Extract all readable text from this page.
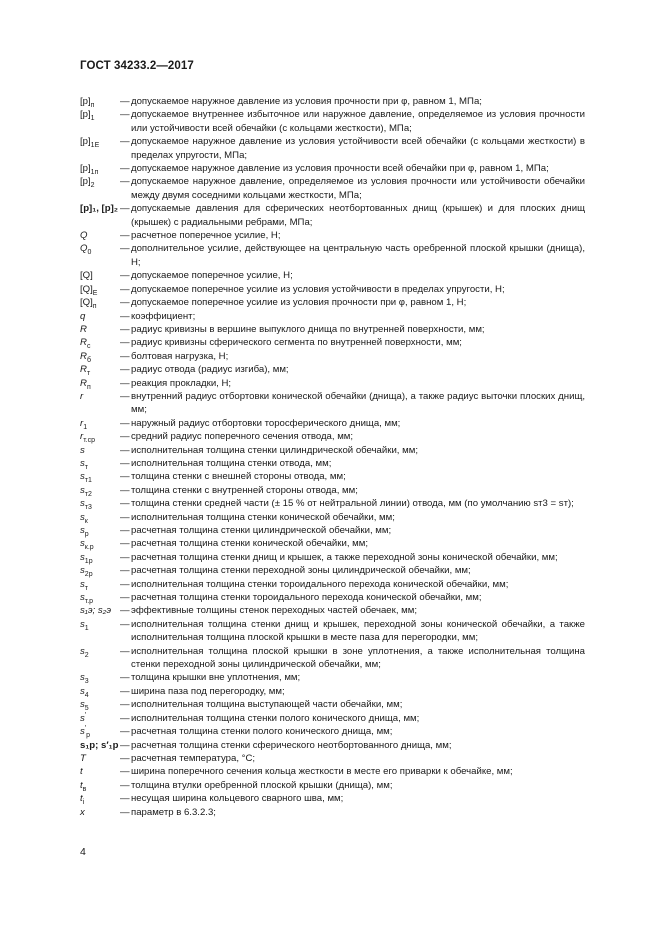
ГОСТ 34233.2—2017
$[p]_п$	— допускаемое наружное давление из условия прочности при φ, равном 1, МПа;
$[p]_1$	— допускаемое внутреннее избыточное или наружное давление, определяемое из условия прочности или устойчивости всей обечайки (с кольцами жесткости), МПа;
$[p]_{1E}$	— допускаемое наружное давление из условия устойчивости всей обечайки (с кольцами жесткости) в пределах упругости, МПа;
$[p]_{1п}$	— допускаемое наружное давление из условия прочности всей обечайки при φ, равном 1, МПа;
$[p]_2$	— допускаемое наружное давление, определяемое из условия прочности или устойчивости обечайки между двумя соседними кольцами жесткости, МПа;
[p]₁, [p]₂ — допускаемые давления для сферических неотбортованных днищ (крышек) и для плоских днищ (крышек) с радиальными ребрами, МПа;
Q	— расчетное поперечное усилие, Н;
$Q_0$	— дополнительное усилие, действующее на центральную часть оребренной плоской крышки (днища), Н;
[Q]	— допускаемое поперечное усилие, Н;
$[Q]_E$	— допускаемое поперечное усилие из условия устойчивости в пределах упругости, Н;
$[Q]_п$	— допускаемое поперечное усилие из условия прочности при φ, равном 1, Н;
q	— коэффициент;
R	— радиус кривизны в вершине выпуклого днища по внутренней поверхности, мм;
$R_с$	— радиус кривизны сферического сегмента по внутренней поверхности, мм;
$R_б$	— болтовая нагрузка, Н;
$R_т$	— радиус отвода (радиус изгиба), мм;
$R_п$	— реакция прокладки, Н;
r	— внутренний радиус отбортовки конической обечайки (днища), а также радиус выточки плоских днищ, мм;
$r_1$	— наружный радиус отбортовки торосферического днища, мм;
$r_{т.ср}$	— средний радиус поперечного сечения отвода, мм;
s	— исполнительная толщина стенки цилиндрической обечайки, мм;
$s_т$	— исполнительная толщина стенки отвода, мм;
$s_{т1}$	— толщина стенки с внешней стороны отвода, мм;
$s_{т2}$	— толщина стенки с внутренней стороны отвода, мм;
$s_{т3}$	— толщина стенки средней части (± 15 % от нейтральной линии) отвода, мм (по умолчанию sт3 = sт);
$s_к$	— исполнительная толщина стенки конической обечайки, мм;
$s_р$	— расчетная толщина стенки цилиндрической обечайки, мм;
$s_{к.р}$	— расчетная толщина стенки конической обечайки, мм;
$s_{1р}$	— расчетная толщина стенки днищ и крышек, а также переходной зоны конической обечайки, мм;
$s_{2р}$	— расчетная толщина стенки переходной зоны цилиндрической обечайки, мм;
$s_т$	— исполнительная толщина стенки тороидального перехода конической обечайки, мм;
$s_{т.р}$	— расчетная толщина стенки тороидального перехода конической обечайки, мм;
s₁э; s₂э — эффективные толщины стенок переходных частей обечаек, мм;
$s_1$	— исполнительная толщина стенки днищ и крышек, переходной зоны конической обечайки, а также исполнительная толщина плоской крышки в месте паза для перегородки, мм;
$s_2$	— исполнительная толщина плоской крышки в зоне уплотнения, а также исполнительная толщина стенки переходной зоны цилиндрической обечайки, мм;
$s_3$	— толщина крышки вне уплотнения, мм;
$s_4$	— ширина паза под перегородку, мм;
$s_5$	— исполнительная толщина выступающей части обечайки, мм;
s′	— исполнительная толщина стенки полого конического днища, мм;
$s'_р$	— расчетная толщина стенки полого конического днища, мм;
s₁р; s′₁р — расчетная толщина стенки сферического неотбортованного днища, мм;
T	— расчетная температура, °С;
t	— ширина поперечного сечения кольца жесткости в месте его приварки к обечайке, мм;
$t_в$	— толщина втулки оребренной плоской крышки (днища), мм;
$t_i$	— несущая ширина кольцевого сварного шва, мм;
x	— параметр в 6.3.2.3;
4
